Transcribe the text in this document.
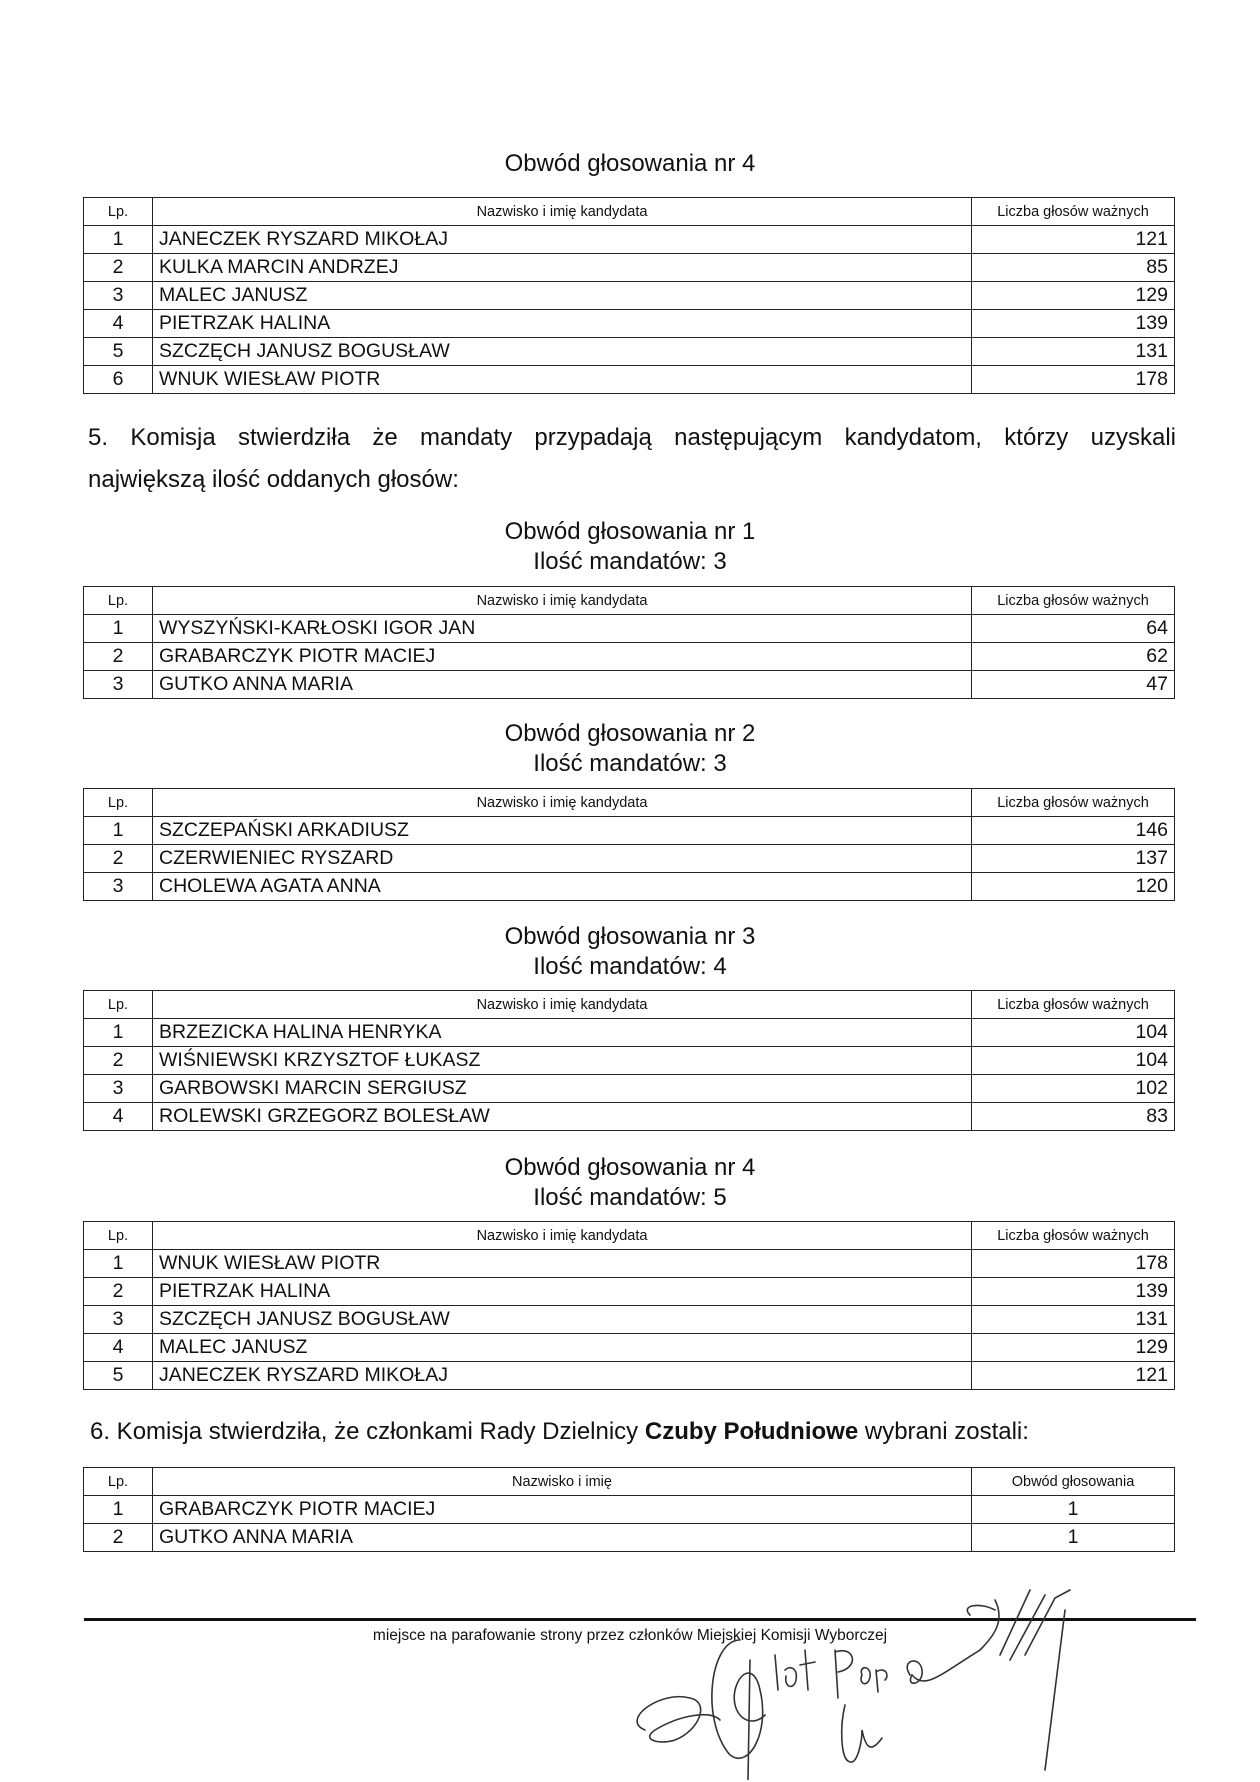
Obwód głosowania nr 4
Lp.	Nazwisko i imię kandydata	Liczba głosów ważnych
1	JANECZEK RYSZARD MIKOŁAJ	121
2	KULKA MARCIN ANDRZEJ	85
3	MALEC JANUSZ	129
4	PIETRZAK HALINA	139
5	SZCZĘCH JANUSZ BOGUSŁAW	131
6	WNUK WIESŁAW PIOTR	178
5. Komisja stwierdziła że mandaty przypadają następującym kandydatom, którzy uzyskali
największą ilość oddanych głosów:
Obwód głosowania nr 1
Ilość mandatów: 3
Lp.	Nazwisko i imię kandydata	Liczba głosów ważnych
1	WYSZYŃSKI-KARŁOSKI IGOR JAN	64
2	GRABARCZYK PIOTR MACIEJ	62
3	GUTKO ANNA MARIA	47
Obwód głosowania nr 2
Ilość mandatów: 3
Lp.	Nazwisko i imię kandydata	Liczba głosów ważnych
1	SZCZEPAŃSKI ARKADIUSZ	146
2	CZERWIENIEC RYSZARD	137
3	CHOLEWA AGATA ANNA	120
Obwód głosowania nr 3
Ilość mandatów: 4
Lp.	Nazwisko i imię kandydata	Liczba głosów ważnych
1	BRZEZICKA HALINA HENRYKA	104
2	WIŚNIEWSKI KRZYSZTOF ŁUKASZ	104
3	GARBOWSKI MARCIN SERGIUSZ	102
4	ROLEWSKI GRZEGORZ BOLESŁAW	83
Obwód głosowania nr 4
Ilość mandatów: 5
Lp.	Nazwisko i imię kandydata	Liczba głosów ważnych
1	WNUK WIESŁAW PIOTR	178
2	PIETRZAK HALINA	139
3	SZCZĘCH JANUSZ BOGUSŁAW	131
4	MALEC JANUSZ	129
5	JANECZEK RYSZARD MIKOŁAJ	121
6. Komisja stwierdziła, że członkami Rady Dzielnicy Czuby Południowe wybrani zostali:
Lp.	Nazwisko i imię	Obwód głosowania
1	GRABARCZYK PIOTR MACIEJ	1
2	GUTKO ANNA MARIA	1
miejsce na parafowanie strony przez członków Miejskiej Komisji Wyborczej
